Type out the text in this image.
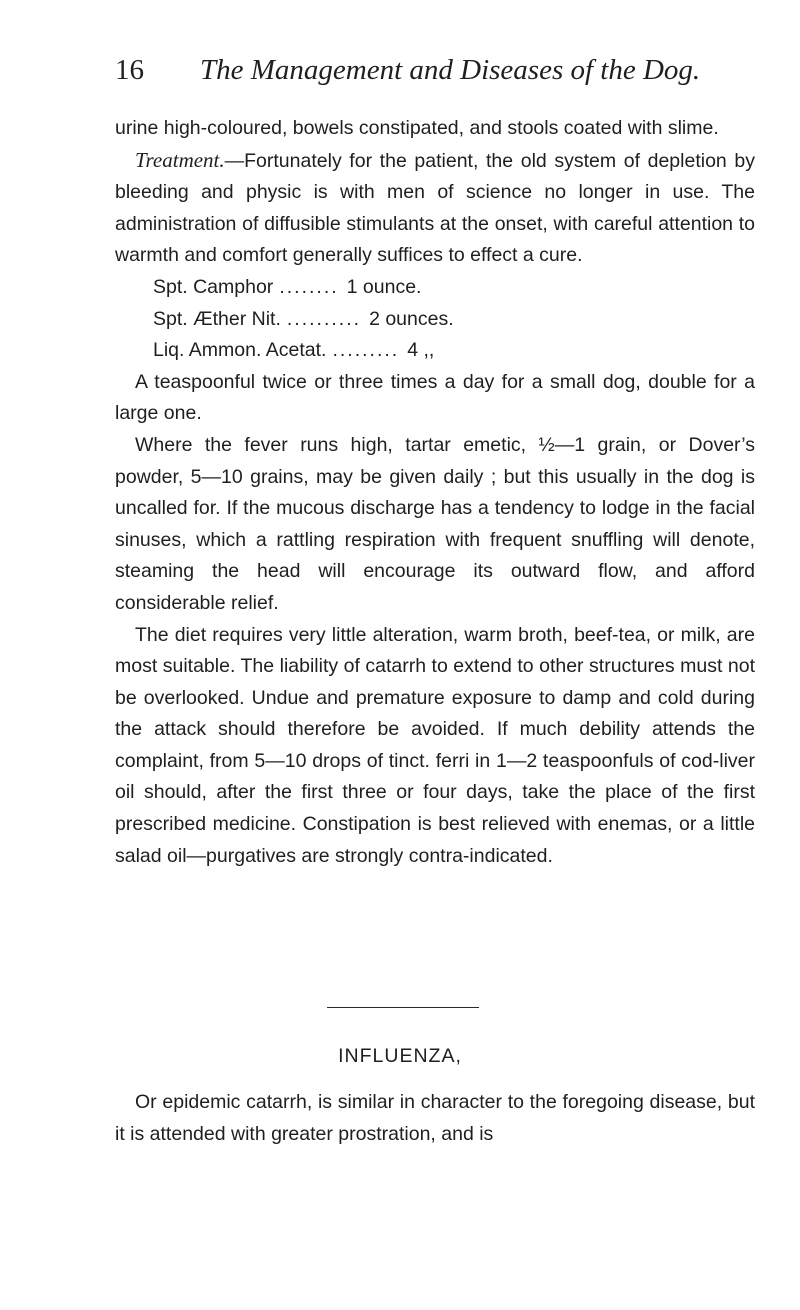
16 The Management and Diseases of the Dog.

urine high-coloured, bowels constipated, and stools coated with slime.

Treatment.—Fortunately for the patient, the old system of depletion by bleeding and physic is with men of science no longer in use. The administration of diffusible stimulants at the onset, with careful attention to warmth and comfort generally suffices to effect a cure.

Spt. Camphor ........ 1 ounce.
Spt. Æther Nit. .......... 2 ounces.
Liq. Ammon. Acetat. ......... 4 ,,

A teaspoonful twice or three times a day for a small dog, double for a large one.

Where the fever runs high, tartar emetic, ½—1 grain, or Dover’s powder, 5—10 grains, may be given daily ; but this usually in the dog is uncalled for. If the mucous discharge has a tendency to lodge in the facial sinuses, which a rattling respiration with frequent snuffling will denote, steaming the head will encourage its outward flow, and afford considerable relief.

The diet requires very little alteration, warm broth, beef-tea, or milk, are most suitable. The liability of catarrh to extend to other structures must not be overlooked. Undue and premature exposure to damp and cold during the attack should therefore be avoided. If much debility attends the complaint, from 5—10 drops of tinct. ferri in 1—2 teaspoonfuls of cod-liver oil should, after the first three or four days, take the place of the first prescribed medicine. Constipation is best relieved with enemas, or a little salad oil—purgatives are strongly contra-indicated.

INFLUENZA,

Or epidemic catarrh, is similar in character to the foregoing disease, but it is attended with greater prostration, and is
